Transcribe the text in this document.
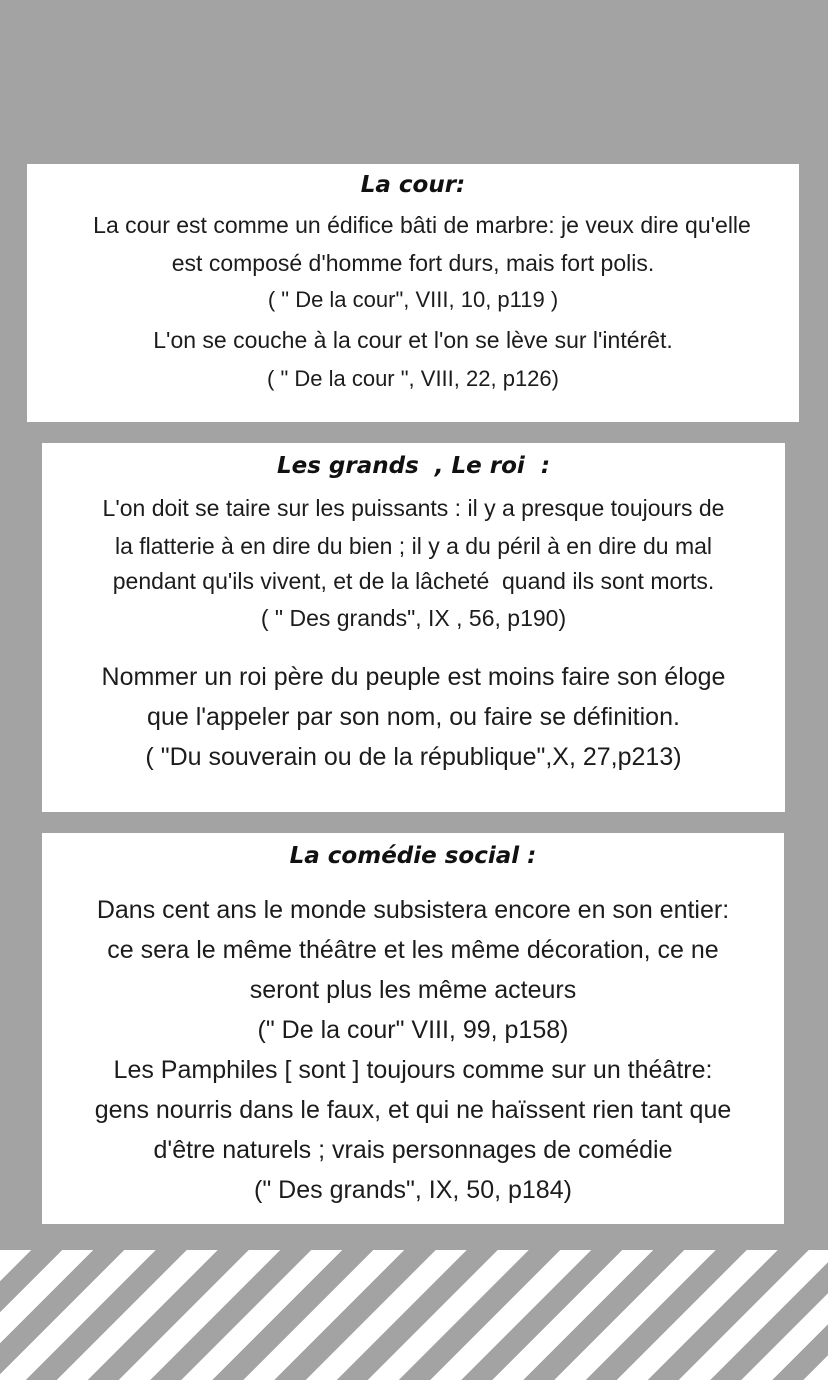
La cour:
La cour est comme un édifice bâti de marbre: je veux dire qu'elle
est composé d'homme fort durs, mais fort polis.
( " De la cour", VIII, 10, p119 )
L'on se couche à la cour et l'on se lève sur l'intérêt.
( " De la cour ", VIII, 22, p126)
Les grands  , Le roi  :
L'on doit se taire sur les puissants : il y a presque toujours de
la flatterie à en dire du bien ; il y a du péril à en dire du mal
pendant qu'ils vivent, et de la lâcheté  quand ils sont morts.
( " Des grands", IX , 56, p190)
Nommer un roi père du peuple est moins faire son éloge
que l'appeler par son nom, ou faire se définition.
( "Du souverain ou de la république",X, 27,p213)
La comédie social :
Dans cent ans le monde subsistera encore en son entier:
ce sera le même théâtre et les même décoration, ce ne
seront plus les même acteurs
(" De la cour" VIII, 99, p158)
Les Pamphiles [ sont ] toujours comme sur un théâtre:
gens nourris dans le faux, et qui ne haïssent rien tant que
d'être naturels ; vrais personnages de comédie
(" Des grands", IX, 50, p184)
